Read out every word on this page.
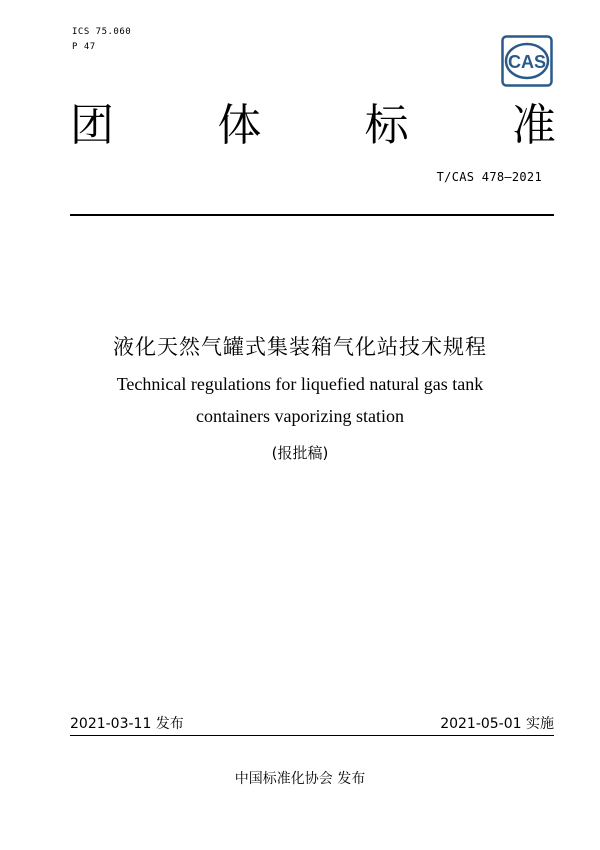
ICS 75.060
P 47
CAS
团 体 标 准
T/CAS 478—2021
液化天然气罐式集装箱气化站技术规程
Technical regulations for liquefied natural gas tank
containers vaporizing station
(报批稿)
2021-03-11 发布	2021-05-01 实施
中国标准化协会 发布
